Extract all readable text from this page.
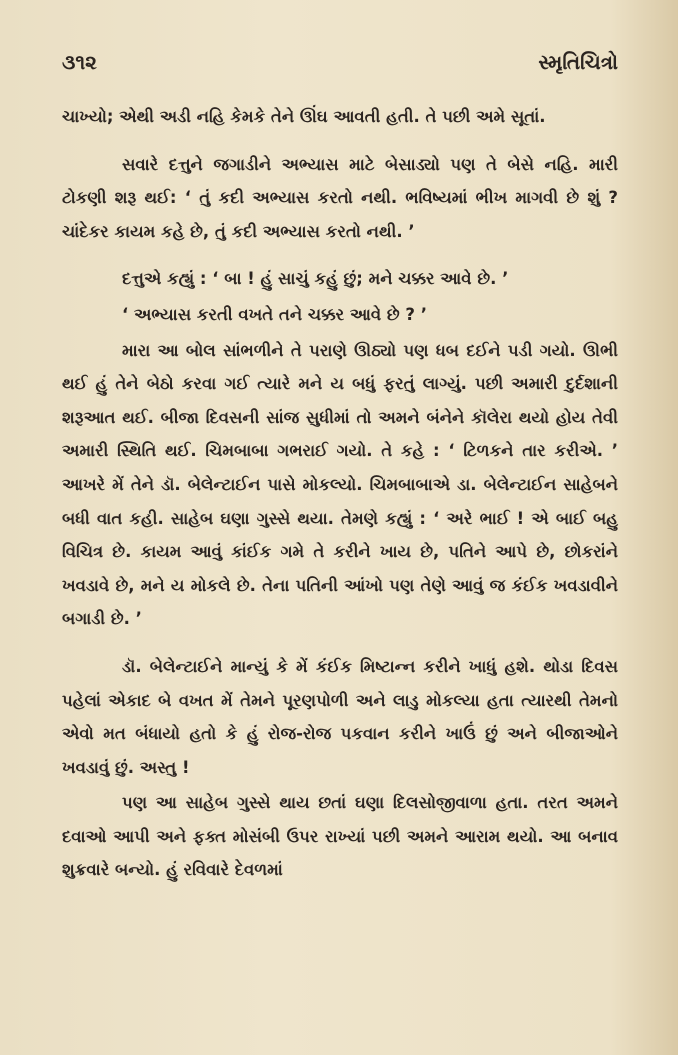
૩૧૨	સ્મૃતિચિત્રો

ચાખ્યો; એથી અડી નહિ કેમકે તેને ઊંઘ આવતી હતી. તે પછી અમે સૂતાં.

સવારે દત્તુને જગાડીને અભ્યાસ માટે બેસાડ્યો પણ તે બેસે નહિ. મારી ટોકણી શરૂ થઈ: ‘ તું કદી અભ્યાસ કરતો નથી. ભવિષ્યમાં ભીખ માગવી છે શું ? ચાંદેકર કાયમ કહે છે, તું કદી અભ્યાસ કરતો નથી. ’

દત્તુએ કહ્યું : ‘ બા ! હું સાચું કહું છું; મને ચક્કર આવે છે. ’

‘ અભ્યાસ કરતી વખતે તને ચક્કર આવે છે ? ’

મારા આ બોલ સાંભળીને તે પરાણે ઊઠ્યો પણ ધબ દઈને પડી ગયો. ઊભી થઈ હું તેને બેઠો કરવા ગઈ ત્યારે મને ય બધું ફરતું લાગ્યું. પછી અમારી દુર્દશાની શરૂઆત થઈ. બીજા દિવસની સાંજ સુધીમાં તો અમને બંનેને કૉલેરા થયો હોય તેવી અમારી સ્થિતિ થઈ. ચિમબાબા ગભરાઈ ગયો. તે કહે : ‘ ટિળકને તાર કરીએ. ’ આખરે મેં તેને ડૉ. બેલેન્ટાઈન પાસે મોકલ્યો. ચિમબાબાએ ડા. બેલેન્ટાઈન સાહેબને બધી વાત કહી. સાહેબ ઘણા ગુસ્સે થયા. તેમણે કહ્યું : ‘ અરે ભાઈ ! એ બાઈ બહુ વિચિત્ર છે. કાયમ આવું કાંઈક ગમે તે કરીને ખાય છે, પતિને આપે છે, છોકરાંને ખવડાવે છે, મને ય મોકલે છે. તેના પતિની આંખો પણ તેણે આવું જ કંઈક ખવડાવીને બગાડી છે. ’

ડૉ. બેલેન્ટાઈને માન્યું કે મેં કંઈક મિષ્ટાન્ન કરીને ખાધું હશે. થોડા દિવસ પહેલાં એકાદ બે વખત મેં તેમને પૂરણપોળી અને લાડુ મોકલ્યા હતા ત્યારથી તેમનો એવો મત બંધાયો હતો કે હું રોજ-રોજ પકવાન કરીને ખાઉં છું અને બીજાઓને ખવડાવું છું. અસ્તુ !

પણ આ સાહેબ ગુસ્સે થાય છતાં ઘણા દિલસોજીવાળા હતા. તરત અમને દવાઓ આપી અને ફક્ત મોસંબી ઉપર રાખ્યાં પછી અમને આરામ થયો. આ બનાવ શુક્રવારે બન્યો. હું રવિવારે દેવળમાં
